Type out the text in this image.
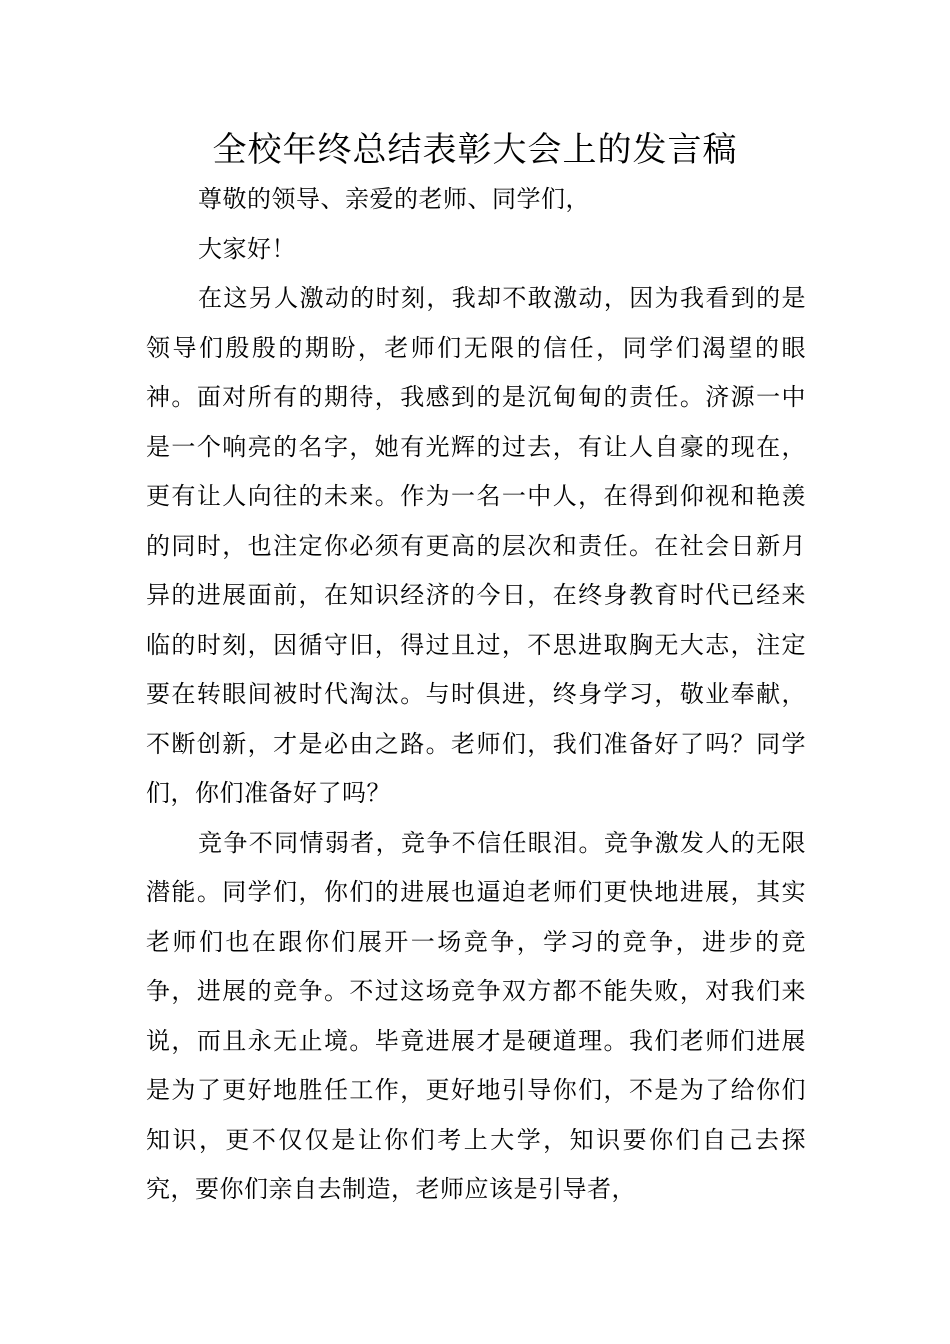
全校年终总结表彰大会上的发言稿

尊敬的领导、亲爱的老师、同学们，

大家好！

在这另人激动的时刻，我却不敢激动，因为我看到的是领导们殷殷的期盼，老师们无限的信任，同学们渴望的眼神。面对所有的期待，我感到的是沉甸甸的责任。济源一中是一个响亮的名字，她有光辉的过去，有让人自豪的现在，更有让人向往的未来。作为一名一中人，在得到仰视和艳羡的同时，也注定你必须有更高的层次和责任。在社会日新月异的进展面前，在知识经济的今日，在终身教育时代已经来临的时刻，因循守旧，得过且过，不思进取胸无大志，注定要在转眼间被时代淘汰。与时俱进，终身学习，敬业奉献，不断创新，才是必由之路。老师们，我们准备好了吗？同学们，你们准备好了吗？

竞争不同情弱者，竞争不信任眼泪。竞争激发人的无限潜能。同学们，你们的进展也逼迫老师们更快地进展，其实老师们也在跟你们展开一场竞争，学习的竞争，进步的竞争，进展的竞争。不过这场竞争双方都不能失败，对我们来说，而且永无止境。毕竟进展才是硬道理。我们老师们进展是为了更好地胜任工作，更好地引导你们，不是为了给你们知识，更不仅仅是让你们考上大学，知识要你们自己去探究，要你们亲自去制造，老师应该是引导者，
